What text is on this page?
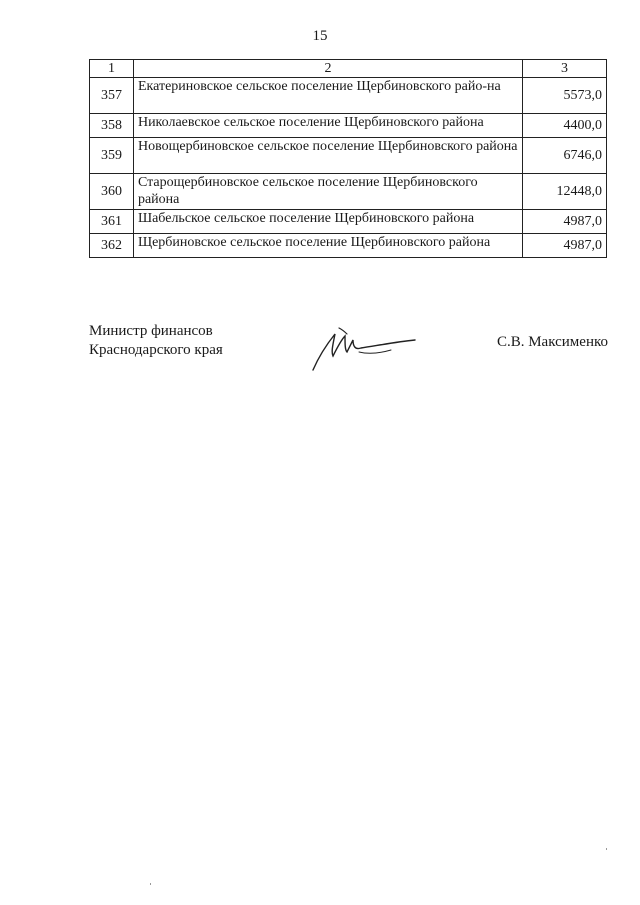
15
1	2	3
357	Екатериновское сельское поселение Щербиновского райо-на	5573,0
358	Николаевское сельское поселение Щербиновского района	4400,0
359	Новощербиновское сельское поселение Щербиновского района	6746,0
360	Старощербиновское сельское поселение Щербиновского района	12448,0
361	Шабельское сельское поселение Щербиновского района	4987,0
362	Щербиновское сельское поселение Щербиновского района	4987,0
Министр финансов
Краснодарского края	С.В. Максименко
